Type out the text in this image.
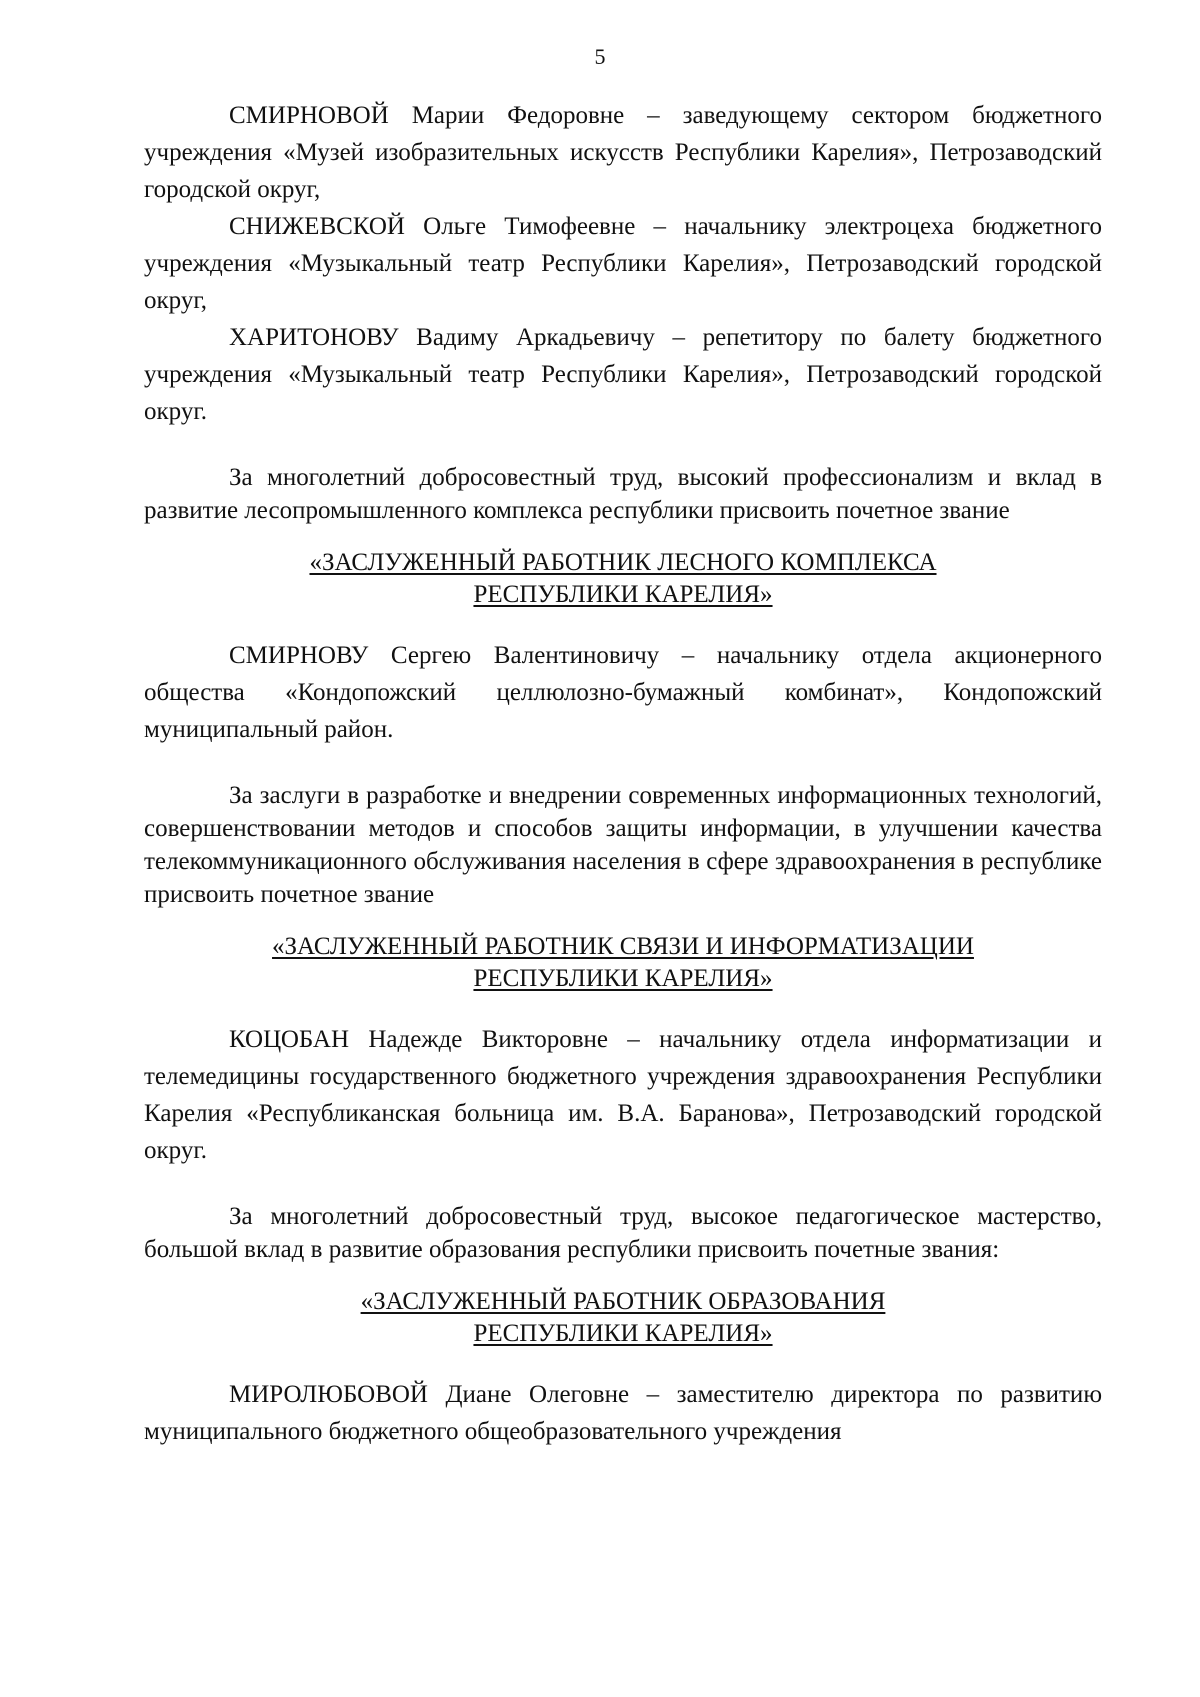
5

СМИРНОВОЙ Марии Федоровне – заведующему сектором бюджетного учреждения «Музей изобразительных искусств Республики Карелия», Петрозаводский городской округ,

СНИЖЕВСКОЙ Ольге Тимофеевне – начальнику электроцеха бюджетного учреждения «Музыкальный театр Республики Карелия», Петрозаводский городской округ,

ХАРИТОНОВУ Вадиму Аркадьевичу – репетитору по балету бюджетного учреждения «Музыкальный театр Республики Карелия», Петрозаводский городской округ.

За многолетний добросовестный труд, высокий профессионализм и вклад в развитие лесопромышленного комплекса республики присвоить почетное звание

«ЗАСЛУЖЕННЫЙ РАБОТНИК ЛЕСНОГО КОМПЛЕКСА
РЕСПУБЛИКИ КАРЕЛИЯ»

СМИРНОВУ Сергею Валентиновичу – начальнику отдела акционерного общества «Кондопожский целлюлозно-бумажный комбинат», Кондопожский муниципальный район.

За заслуги в разработке и внедрении современных информационных технологий, совершенствовании методов и способов защиты информации, в улучшении качества телекоммуникационного обслуживания населения в сфере здравоохранения в республике присвоить почетное звание

«ЗАСЛУЖЕННЫЙ РАБОТНИК СВЯЗИ И ИНФОРМАТИЗАЦИИ
РЕСПУБЛИКИ КАРЕЛИЯ»

КОЦОБАН Надежде Викторовне – начальнику отдела информатизации и телемедицины государственного бюджетного учреждения здравоохранения Республики Карелия «Республиканская больница им. В.А. Баранова», Петрозаводский городской округ.

За многолетний добросовестный труд, высокое педагогическое мастерство, большой вклад в развитие образования республики присвоить почетные звания:

«ЗАСЛУЖЕННЫЙ РАБОТНИК ОБРАЗОВАНИЯ
РЕСПУБЛИКИ КАРЕЛИЯ»

МИРОЛЮБОВОЙ Диане Олеговне – заместителю директора по развитию муниципального бюджетного общеобразовательного учреждения
